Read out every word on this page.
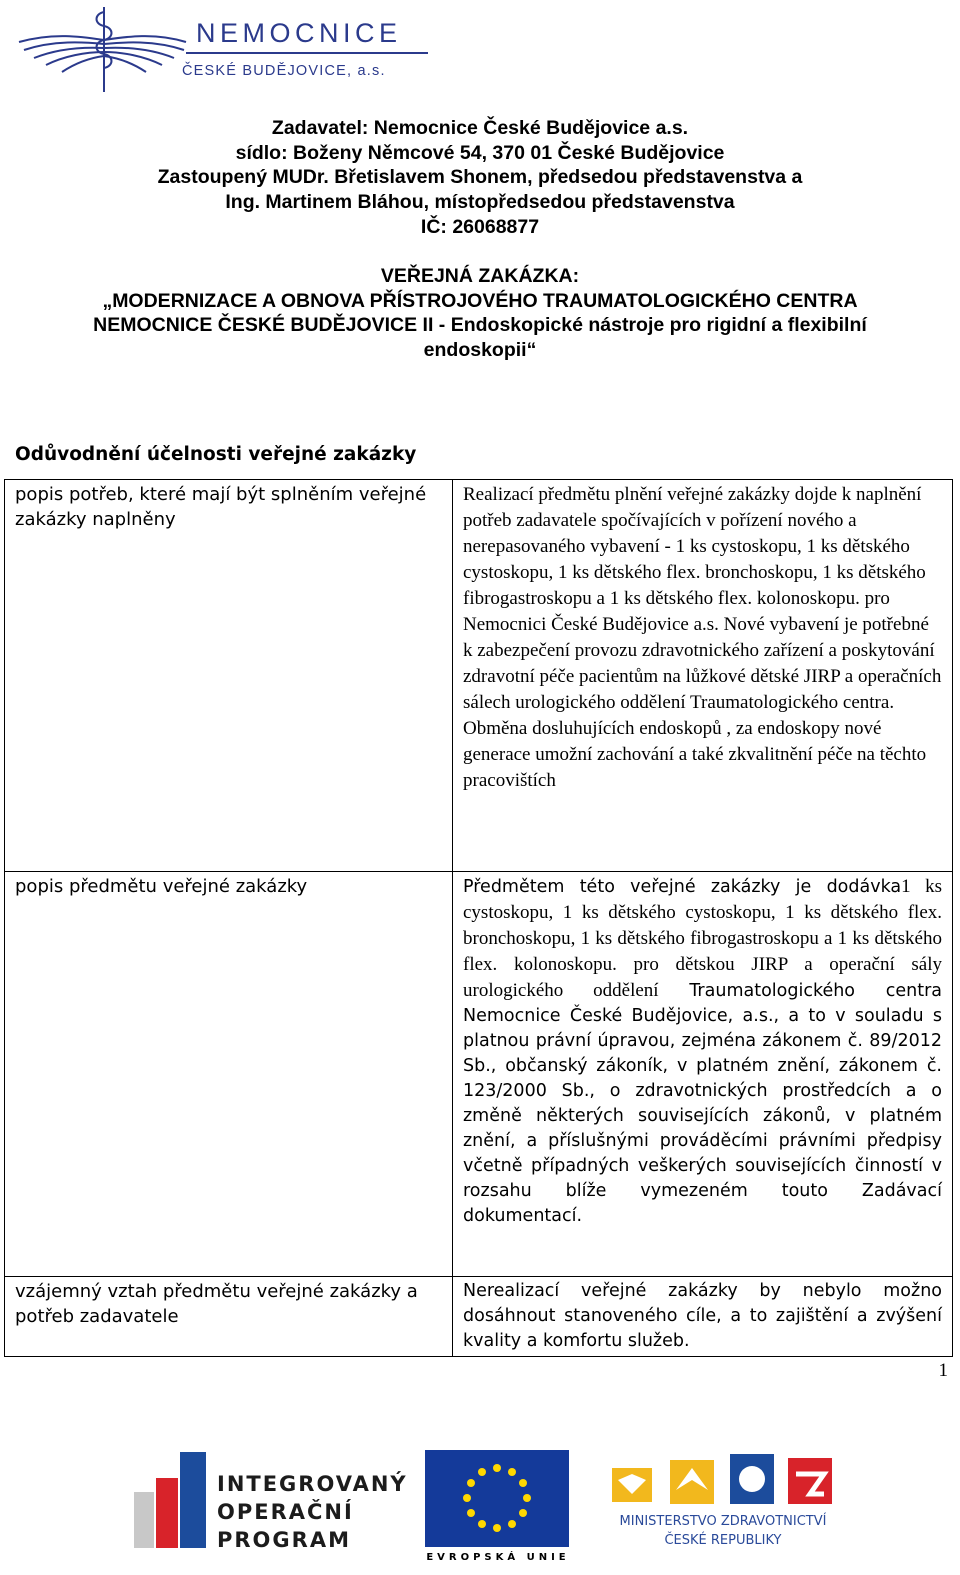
NEMOCNICE
ČESKÉ BUDĚJOVICE, a.s.
Zadavatel: Nemocnice České Budějovice a.s.
sídlo: Boženy Němcové 54, 370 01 České Budějovice
Zastoupený MUDr. Břetislavem Shonem, předsedou představenstva a
Ing. Martinem Bláhou, místopředsedou představenstva
IČ: 26068877
VEŘEJNÁ ZAKÁZKA:
„MODERNIZACE A OBNOVA PŘÍSTROJOVÉHO TRAUMATOLOGICKÉHO CENTRA
NEMOCNICE ČESKÉ BUDĚJOVICE II - Endoskopické nástroje pro rigidní a flexibilní
endoskopii“
Odůvodnění účelnosti veřejné zakázky
popis potřeb, které mají být splněním veřejné zakázky naplněny	Realizací předmětu plnění veřejné zakázky dojde k naplnění potřeb zadavatele spočívajících v pořízení nového a nerepasovaného vybavení - 1 ks cystoskopu, 1 ks dětského cystoskopu, 1 ks dětského flex. bronchoskopu, 1 ks dětského fibrogastroskopu a 1 ks dětského flex. kolonoskopu. pro Nemocnici České Budějovice a.s. Nové vybavení je potřebné k zabezpečení provozu zdravotnického zařízení a poskytování zdravotní péče pacientům na lůžkové dětské JIRP a operačních sálech urologického oddělení Traumatologického centra. Obměna dosluhujících endoskopů , za endoskopy nové generace umožní zachování a také zkvalitnění péče na těchto pracovištích
popis předmětu veřejné zakázky	Předmětem této veřejné zakázky je dodávka1 ks cystoskopu, 1 ks dětského cystoskopu, 1 ks dětského flex. bronchoskopu, 1 ks dětského fibrogastroskopu a 1 ks dětského flex. kolonoskopu. pro dětskou JIRP a operační sály urologického oddělení Traumatologického centra Nemocnice České Budějovice, a.s., a to v souladu s platnou právní úpravou, zejména zákonem č. 89/2012 Sb., občanský zákoník, v platném znění, zákonem č. 123/2000 Sb., o zdravotnických prostředcích a o změně některých souvisejících zákonů, v platném znění, a příslušnými prováděcími právními předpisy včetně případných veškerých souvisejících činností v rozsahu blíže vymezeném touto Zadávací dokumentací.
vzájemný vztah předmětu veřejné zakázky a potřeb zadavatele	Nerealizací veřejné zakázky by nebylo možno dosáhnout stanoveného cíle, a to zajištění a zvýšení kvality a komfortu služeb.
1
INTEGROVANÝ
OPERAČNÍ
PROGRAM
EVROPSKÁ UNIE
MINISTERSTVO ZDRAVOTNICTVÍ
ČESKÉ REPUBLIKY
